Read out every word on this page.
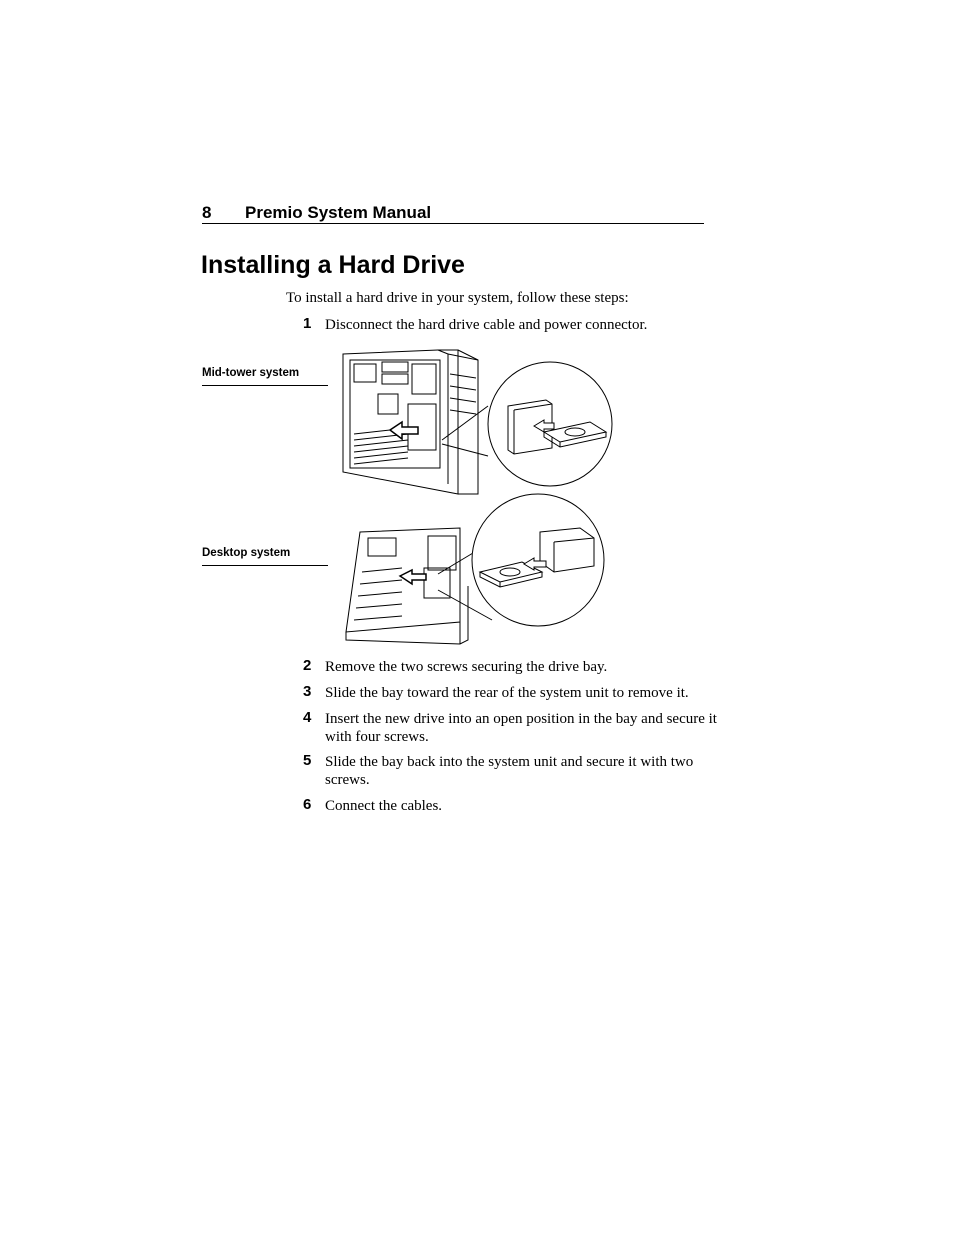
8 Premio System Manual
Installing a Hard Drive
To install a hard drive in your system, follow these steps:
1 Disconnect the hard drive cable and power connector.
Mid-tower system
Desktop system
2 Remove the two screws securing the drive bay.
3 Slide the bay toward the rear of the system unit to remove it.
4 Insert the new drive into an open position in the bay and secure it with four screws.
5 Slide the bay back into the system unit and secure it with two screws.
6 Connect the cables.
